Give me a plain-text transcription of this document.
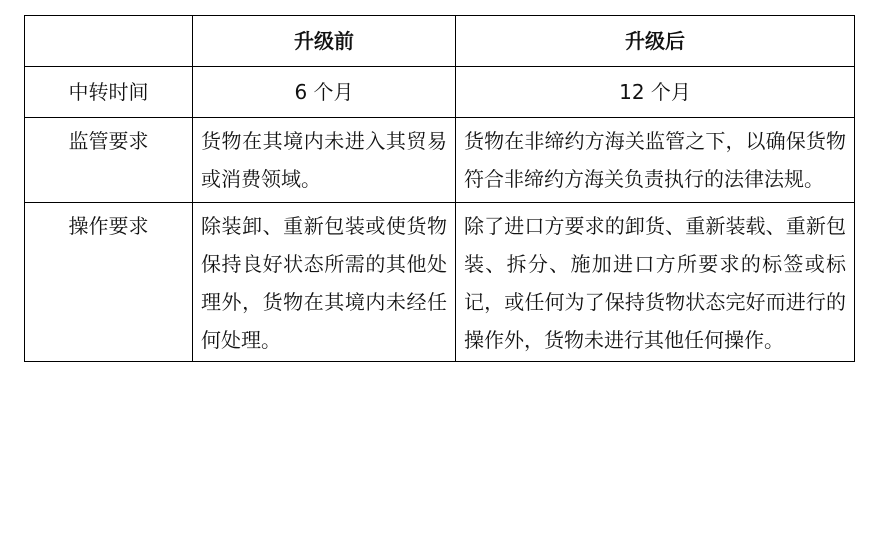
	升级前	升级后
中转时间	6 个月	12 个月
监管要求	货物在其境内未进入其贸易或消费领域。	货物在非缔约方海关监管之下，以确保货物符合非缔约方海关负责执行的法律法规。
操作要求	除装卸、重新包装或使货物保持良好状态所需的其他处理外，货物在其境内未经任何处理。	除了进口方要求的卸货、重新装载、重新包装、拆分、施加进口方所要求的标签或标记，或任何为了保持货物状态完好而进行的操作外，货物未进行其他任何操作。
